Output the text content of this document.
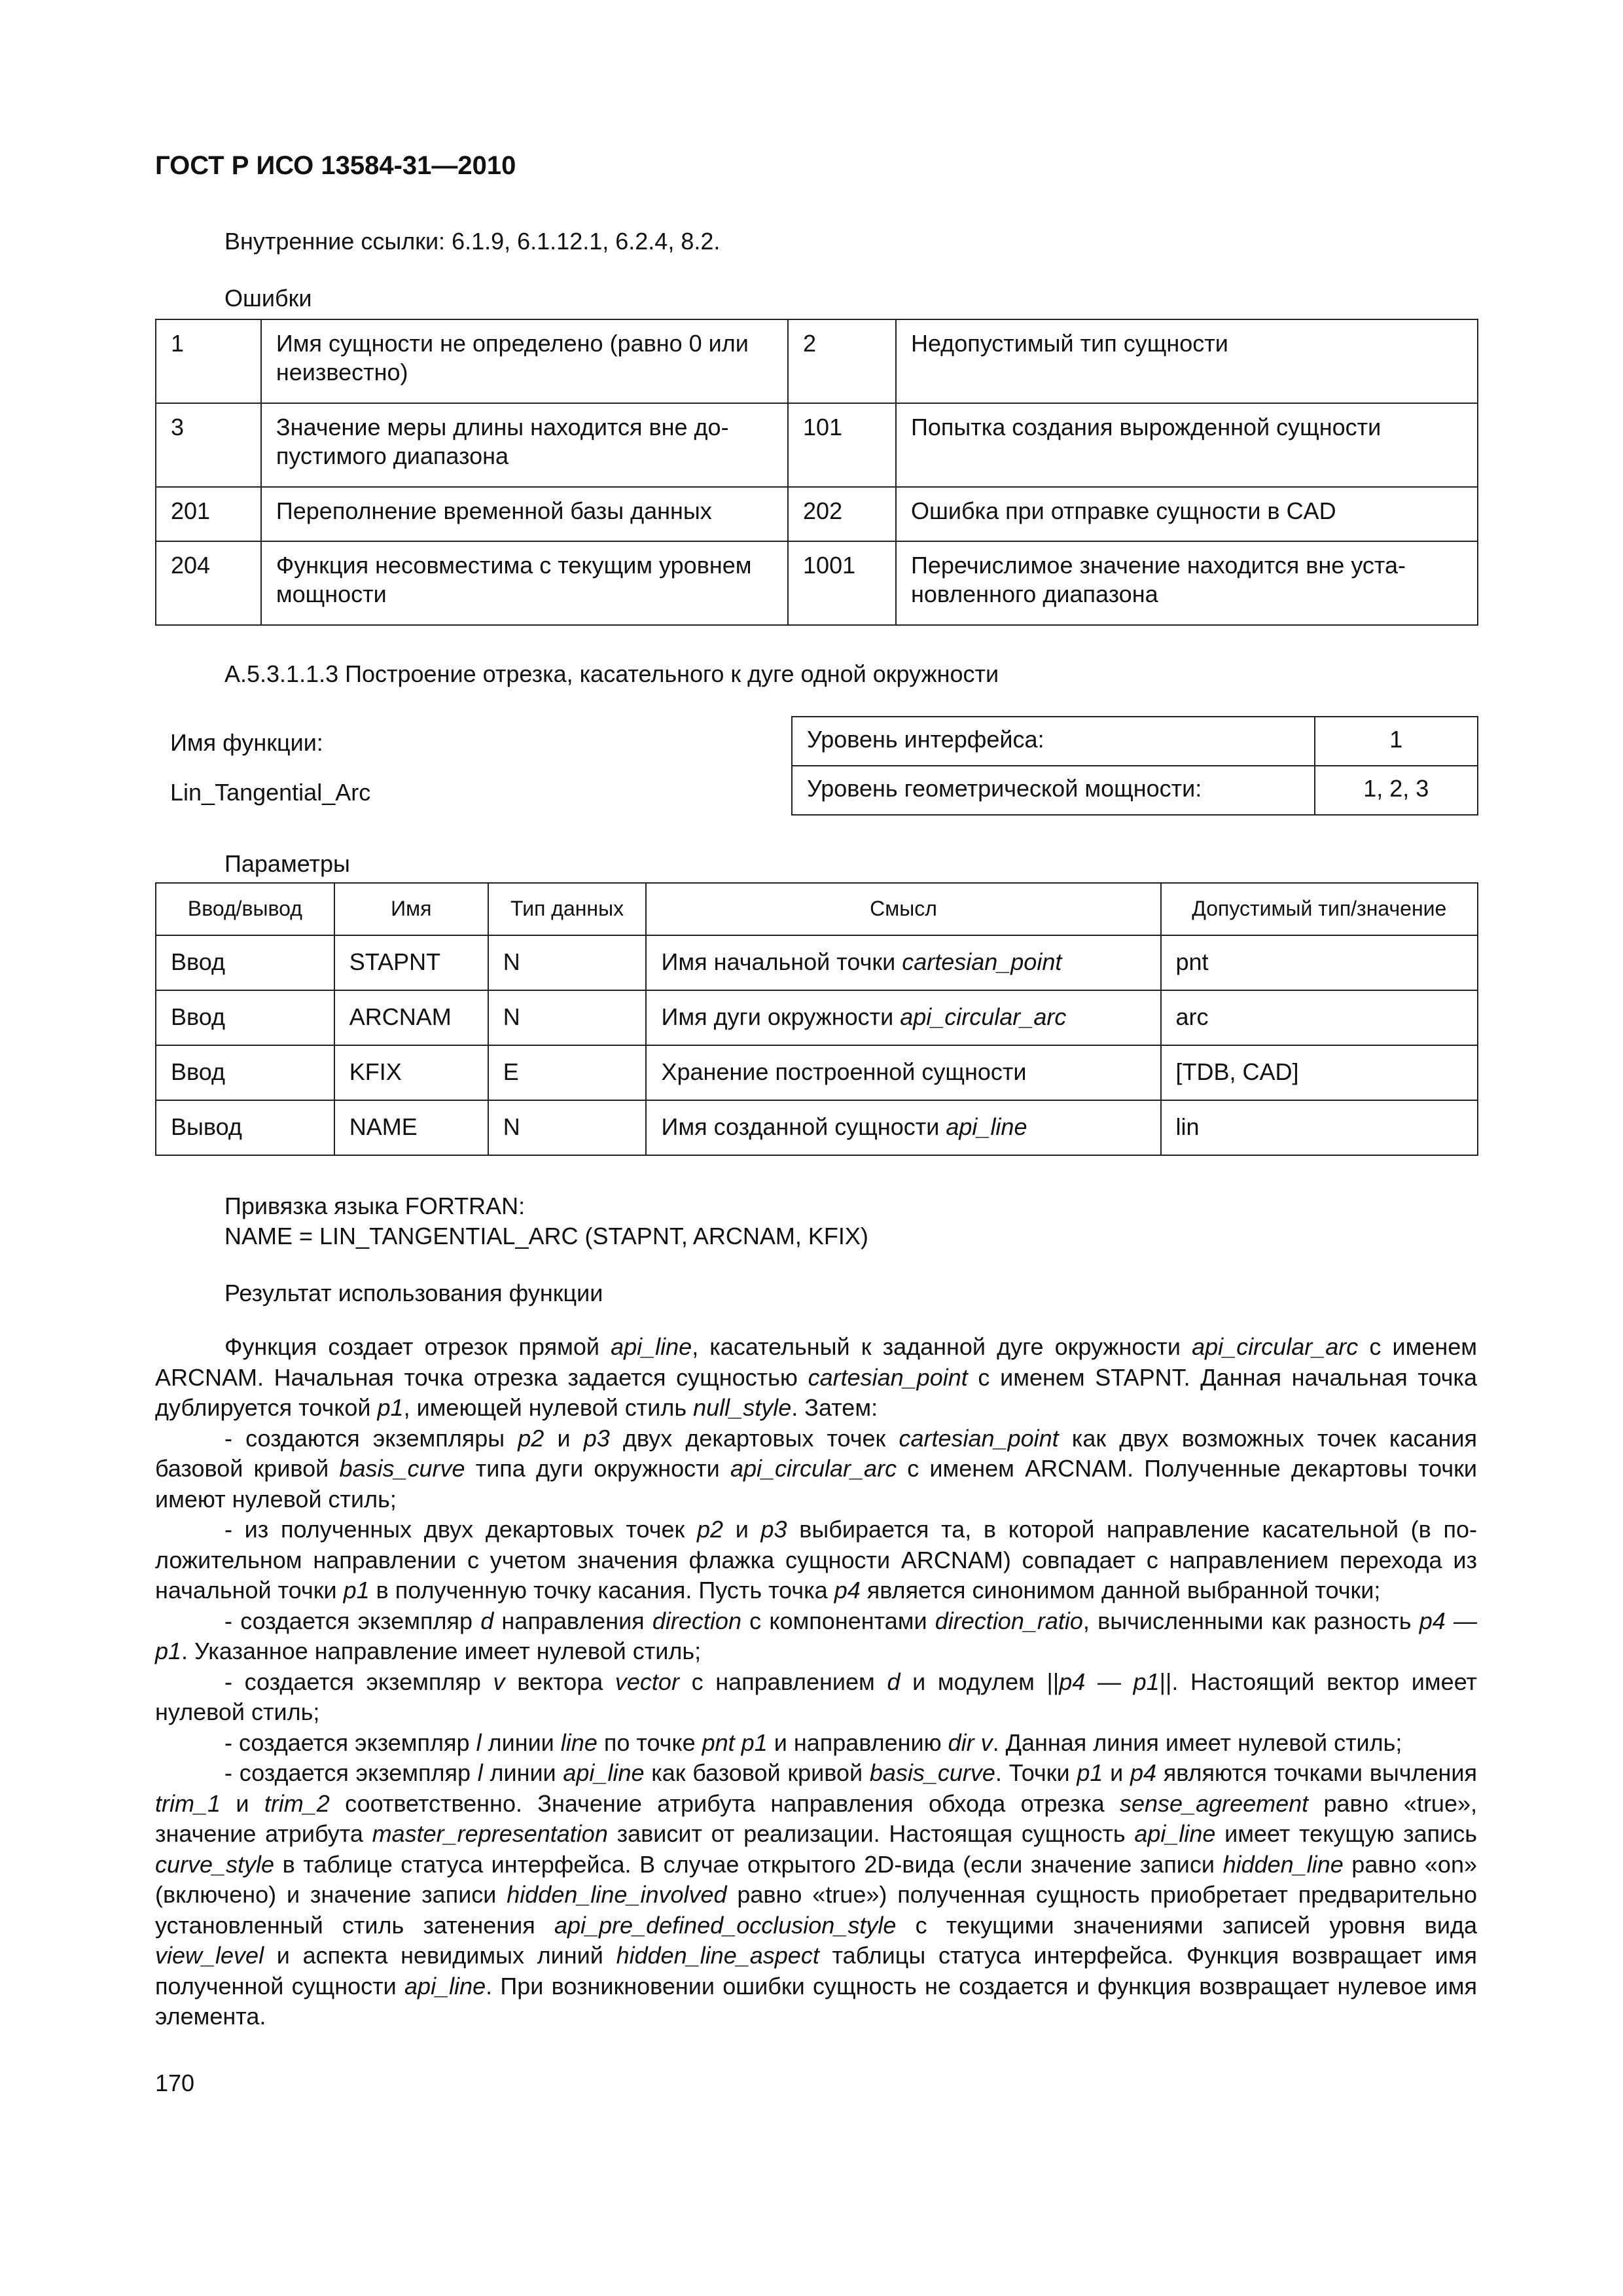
ГОСТ Р ИСО 13584-31—2010
Внутренние ссылки: 6.1.9, 6.1.12.1, 6.2.4, 8.2.
Ошибки
1	Имя сущности не определено (равно 0 или неизвестно)	2	Недопустимый тип сущности
3	Значение меры длины находится вне допустимого диапазона	101	Попытка создания вырожденной сущности
201	Переполнение временной базы данных	202	Ошибка при отправке сущности в CAD
204	Функция несовместима с текущим уровнем мощности	1001	Перечислимое значение находится вне установленного диапазона
А.5.3.1.1.3 Построение отрезка, касательного к дуге одной окружности
Имя функции:
Lin_Tangential_Arc
Уровень интерфейса:	1
Уровень геометрической мощности:	1, 2, 3
Параметры
Ввод/вывод	Имя	Тип данных	Смысл	Допустимый тип/значение
Ввод	STAPNT	N	Имя начальной точки cartesian_point	pnt
Ввод	ARCNAM	N	Имя дуги окружности api_circular_arc	arc
Ввод	KFIX	E	Хранение построенной сущности	[TDB, CAD]
Вывод	NAME	N	Имя созданной сущности api_line	lin
Привязка языка FORTRAN:
NAME = LIN_TANGENTIAL_ARC (STAPNT, ARCNAM, KFIX)
Результат использования функции

Функция создает отрезок прямой api_line, касательный к заданной дуге окружности api_circular_arc с именем ARCNAM. Начальная точка отрезка задается сущностью cartesian_point с именем STAPNT. Данная начальная точка дублируется точкой p1, имеющей нулевой стиль null_style. Затем:

- создаются экземпляры p2 и p3 двух декартовых точек cartesian_point как двух возможных точек касания базовой кривой basis_curve типа дуги окружности api_circular_arc с именем ARCNAM. Полученные декартовы точки имеют нулевой стиль;

- из полученных двух декартовых точек p2 и p3 выбирается та, в которой направление касательной (в положительном направлении с учетом значения флажка сущности ARCNAM) совпадает с направлением перехода из начальной точки p1 в полученную точку касания. Пусть точка p4 является синонимом данной выбранной точки;

- создается экземпляр d направления direction с компонентами direction_ratio, вычисленными как разность p4 — p1. Указанное направление имеет нулевой стиль;

- создается экземпляр v вектора vector с направлением d и модулем ||p4 — p1||. Настоящий вектор имеет нулевой стиль;

- создается экземпляр l линии line по точке pnt p1 и направлению dir v. Данная линия имеет нулевой стиль;

- создается экземпляр l линии api_line как базовой кривой basis_curve. Точки p1 и p4 являются точками вычления trim_1 и trim_2 соответственно. Значение атрибута направления обхода отрезка sense_agreement равно «true», значение атрибута master_representation зависит от реализации. Настоящая сущность api_line имеет текущую запись curve_style в таблице статуса интерфейса. В случае открытого 2D-вида (если значение записи hidden_line равно «on» (включено) и значение записи hidden_line_involved равно «true») полученная сущность приобретает предварительно установленный стиль затенения api_pre_defined_occlusion_style с текущими значениями записей уровня вида view_level и аспекта невидимых линий hidden_line_aspect таблицы статуса интерфейса. Функция возвращает имя полученной сущности api_line. При возникновении ошибки сущность не создается и функция возвращает нулевое имя элемента.

170
